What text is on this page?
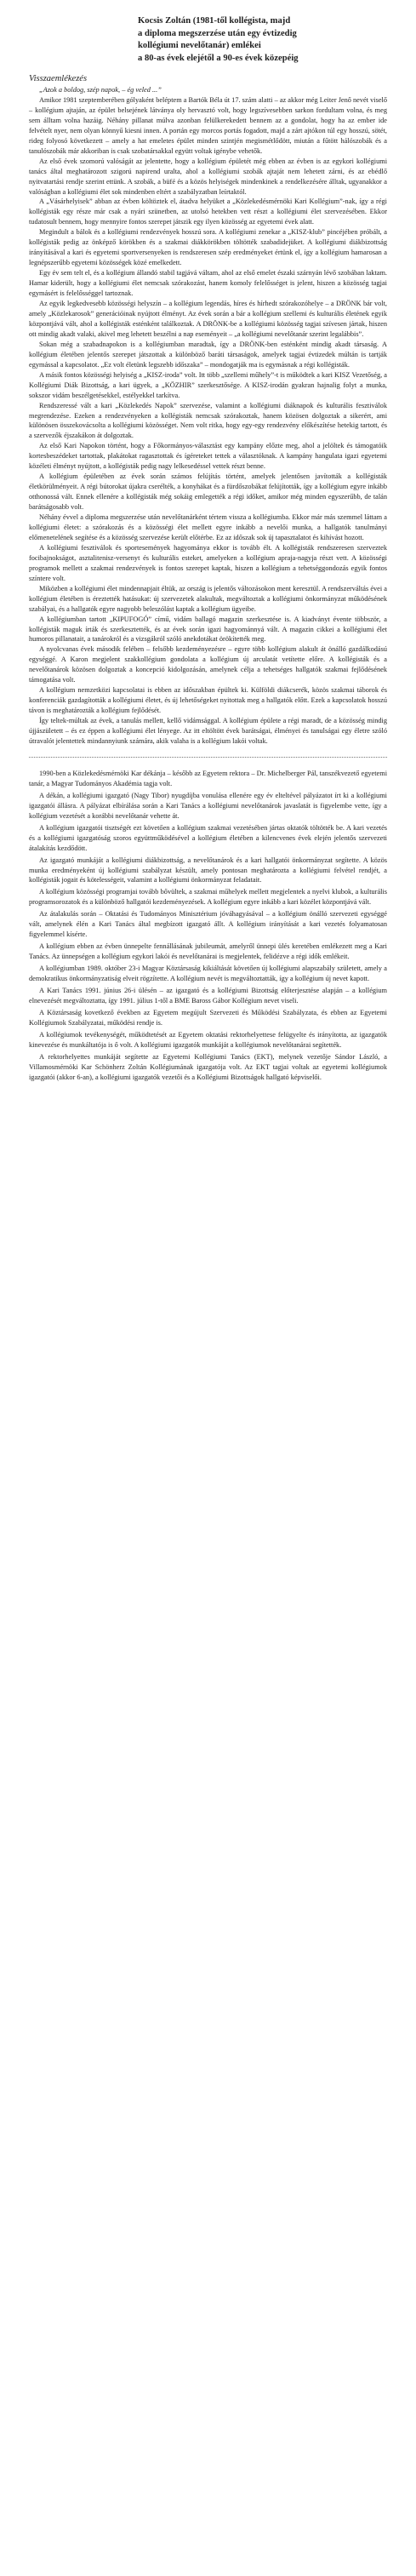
Kocsis Zoltán (1981-től kollégista, majd
a diploma megszerzése után egy évtizedig
kollégiumi nevelőtanár) emlékei
a 80-as évek elejétől a 90-es évek közepéig
Visszaemlékezés

„Azok a boldog, szép napok, – ég veled ...”

Amikor 1981 szeptemberében gólyaként beléptem a Bartók Béla út 17. szám alatti – az akkor még Leiter Jenő nevét viselő – kollégium ajtaján, az épület belsejének látványa oly hervasztó volt, hogy legszívesebben sarkon fordultam volna, és meg sem álltam volna hazáig. Néhány pillanat múlva azonban felülkerekedett bennem az a gondolat, hogy ha az ember ide felvételt nyer, nem olyan könnyű kiesni innen. A portán egy morcos portás fogadott, majd a zárt ajtókon túl egy hosszú, sötét, rideg folyosó következett – amely a hat emeletes épület minden szintjén megismétlődött, miután a fűtött hálószobák és a tanulószobák már akkoriban is csak szobatársakkal együtt voltak igénybe vehetők.

Az első évek szomorú valóságát az jelentette, hogy a kollégium épületét még ebben az évben is az egykori kollégiumi tanács által meghatározott szigorú napirend uralta, ahol a kollégiumi szobák ajtaját nem lehetett zárni, és az ebédlő nyitvatartási rendje szerint ettünk. A szobák, a büfé és a közös helyiségek mindenkinek a rendelkezésére álltak, ugyanakkor a valóságban a kollégiumi élet sok mindenben eltért a szabályzatban leírtaktól.

A „Vásárhelyisek” abban az évben költöztek el, átadva helyüket a „Közlekedésmérnöki Kari Kollégium”-nak, így a régi kollégisták egy része már csak a nyári szünetben, az utolsó hetekben vett részt a kollégiumi élet szervezésében. Ekkor tudatosult bennem, hogy mennyire fontos szerepet játszik egy ilyen közösség az egyetemi évek alatt.

Megindult a bálok és a kollégiumi rendezvények hosszú sora. A kollégiumi zenekar a „KISZ-klub” pincéjében próbált, a kollégisták pedig az önképző körökben és a szakmai diákkörökben töltötték szabadidejüket. A kollégiumi diákbizottság irányításával a kari és egyetemi sportversenyeken is rendszeresen szép eredményeket értünk el, így a kollégium hamarosan a legnépszerűbb egyetemi közösségek közé emelkedett.

Egy év sem telt el, és a kollégium állandó stabil tagjává váltam, ahol az első emelet északi szárnyán lévő szobában laktam. Hamar kiderült, hogy a kollégiumi élet nemcsak szórakozást, hanem komoly felelősséget is jelent, hiszen a közösség tagjai egymásért is felelősséggel tartoznak.

Az egyik legkedvesebb közösségi helyszín – a kollégium legendás, híres és hírhedt szórakozóhelye – a DRÖNK bár volt, amely „Közlekarosok” generációinak nyújtott élményt. Az évek során a bár a kollégium szellemi és kulturális életének egyik központjává vált, ahol a kollégisták esténként találkoztak. A DRÖNK-be a kollégiumi közösség tagjai szívesen jártak, hiszen ott mindig akadt valaki, akivel meg lehetett beszélni a nap eseményeit – „a kollégiumi nevelőtanár szerint legalábbis”.

Sokan még a szabadnapokon is a kollégiumban maradtak, így a DRÖNK-ben esténként mindig akadt társaság. A kollégium életében jelentős szerepet játszottak a különböző baráti társaságok, amelyek tagjai évtizedek múltán is tartják egymással a kapcsolatot. „Ez volt életünk legszebb időszaka” – mondogatják ma is egymásnak a régi kollégisták.

A másik fontos közösségi helyiség a „KISZ-iroda” volt. Itt több „szellemi műhely”-t is működtek a kari KISZ Vezetőség, a Kollégiumi Diák Bizottság, a kari ügyek, a „KÖZHIR” szerkesztősége. A KISZ-irodán gyakran hajnalig folyt a munka, sokszor vidám beszélgetésekkel, estélyekkel tarkítva.

Rendszeressé vált a kari „Közlekedés Napok” szervezése, valamint a kollégiumi diáknapok és kulturális fesztiválok megrendezése. Ezeken a rendezvényeken a kollégisták nemcsak szórakoztak, hanem közösen dolgoztak a sikerért, ami különösen összekovácsolta a kollégiumi közösséget. Nem volt ritka, hogy egy-egy rendezvény előkészítése hetekig tartott, és a szervezők éjszakákon át dolgoztak.

Az első Kari Napokon történt, hogy a Főkormányos-választást egy kampány előzte meg, ahol a jelöltek és támogatóik kortesbeszédeket tartottak, plakátokat ragasztottak és ígéreteket tettek a választóknak. A kampány hangulata igazi egyetemi közéleti élményt nyújtott, a kollégisták pedig nagy lelkesedéssel vettek részt benne.

A kollégium épületében az évek során számos felújítás történt, amelyek jelentősen javították a kollégisták életkörülményeit. A régi bútorokat újakra cserélték, a konyhákat és a fürdőszobákat felújították, így a kollégium egyre inkább otthonossá vált. Ennek ellenére a kollégisták még sokáig emlegették a régi időket, amikor még minden egyszerűbb, de talán barátságosabb volt.

Néhány évvel a diploma megszerzése után nevelőtanárként tértem vissza a kollégiumba. Ekkor már más szemmel láttam a kollégiumi életet: a szórakozás és a közösségi élet mellett egyre inkább a nevelői munka, a hallgatók tanulmányi előmenetelének segítése és a közösség szervezése került előtérbe. Ez az időszak sok új tapasztalatot és kihívást hozott.

A kollégiumi fesztiválok és sportesemények hagyománya ekkor is tovább élt. A kollégisták rendszeresen szerveztek focibajnokságot, asztalitenisz-versenyt és kulturális esteket, amelyeken a kollégium apraja-nagyja részt vett. A közösségi programok mellett a szakmai rendezvények is fontos szerepet kaptak, hiszen a kollégium a tehetséggondozás egyik fontos színtere volt.

Miközben a kollégiumi élet mindennapjait éltük, az ország is jelentős változásokon ment keresztül. A rendszerváltás évei a kollégium életében is éreztették hatásukat: új szervezetek alakultak, megváltoztak a kollégiumi önkormányzat működésének szabályai, és a hallgatók egyre nagyobb beleszólást kaptak a kollégium ügyeibe.

A kollégiumban tartott „KIPUFOGÓ” című, vidám ballagó magazin szerkesztése is. A kiadványt évente többször, a kollégisták maguk írták és szerkesztették, és az évek során igazi hagyománnyá vált. A magazin cikkei a kollégiumi élet humoros pillanatait, a tanárokról és a vizsgákról szóló anekdotákat örökítették meg.

A nyolcvanas évek második felében – felsőbb kezdeményezésre – egyre több kollégium alakult át önálló gazdálkodású egységgé. A Karon megjelent szakkollégium gondolata a kollégium új arculatát vetítette előre. A kollégisták és a nevelőtanárok közösen dolgoztak a koncepció kidolgozásán, amelynek célja a tehetséges hallgatók szakmai fejlődésének támogatása volt.

A kollégium nemzetközi kapcsolatai is ebben az időszakban épültek ki. Külföldi diákcserék, közös szakmai táborok és konferenciák gazdagították a kollégiumi életet, és új lehetőségeket nyitottak meg a hallgatók előtt. Ezek a kapcsolatok hosszú távon is meghatározták a kollégium fejlődését.

Így teltek-múltak az évek, a tanulás mellett, kellő vidámsággal. A kollégium épülete a régi maradt, de a közösség mindig újjászületett – és ez éppen a kollégiumi élet lényege. Az itt eltöltött évek barátságai, élményei és tanulságai egy életre szóló útravalót jelentettek mindannyiunk számára, akik valaha is a kollégium lakói voltak.

1990-ben a Közlekedésmérnöki Kar dékánja – később az Egyetem rektora – Dr. Michelberger Pál, tanszékvezető egyetemi tanár, a Magyar Tudományos Akadémia tagja volt.

A dékán, a kollégiumi igazgató (Nagy Tibor) nyugdíjba vonulása ellenére egy év elteltével pályázatot írt ki a kollégiumi igazgatói állásra. A pályázat elbírálása során a Kari Tanács a kollégiumi nevelőtanárok javaslatát is figyelembe vette, így a kollégium vezetését a korábbi nevelőtanár vehette át.

A kollégium igazgatói tisztségét ezt követően a kollégium szakmai vezetésében jártas oktatók töltötték be. A kari vezetés és a kollégiumi igazgatóság szoros együttműködésével a kollégium életében a kilencvenes évek elején jelentős szervezeti átalakítás kezdődött.

Az igazgató munkáját a kollégiumi diákbizottság, a nevelőtanárok és a kari hallgatói önkormányzat segítette. A közös munka eredményeként új kollégiumi szabályzat készült, amely pontosan meghatározta a kollégiumi felvétel rendjét, a kollégisták jogait és kötelességeit, valamint a kollégiumi önkormányzat feladatait.

A kollégium közösségi programjai tovább bővültek, a szakmai műhelyek mellett megjelentek a nyelvi klubok, a kulturális programsorozatok és a különböző hallgatói kezdeményezések. A kollégium egyre inkább a kari közélet központjává vált.

Az átalakulás során – Oktatási és Tudományos Minisztérium jóváhagyásával – a kollégium önálló szervezeti egységgé vált, amelynek élén a Kari Tanács által megbízott igazgató állt. A kollégium irányítását a kari vezetés folyamatosan figyelemmel kísérte.

A kollégium ebben az évben ünnepelte fennállásának jubileumát, amelyről ünnepi ülés keretében emlékezett meg a Kari Tanács. Az ünnepségen a kollégium egykori lakói és nevelőtanárai is megjelentek, felidézve a régi idők emlékeit.

A kollégiumban 1989. október 23-i Magyar Köztársaság kikiáltását követően új kollégiumi alapszabály született, amely a demokratikus önkormányzatiság elveit rögzítette. A kollégium nevét is megváltoztatták, így a kollégium új nevet kapott.

A Kari Tanács 1991. június 26-i ülésén – az igazgató és a kollégiumi Bizottság előterjesztése alapján – a kollégium elnevezését megváltoztatta, így 1991. július 1-től a BME Baross Gábor Kollégium nevet viseli.

A Köztársaság kovetkező években az Egyetem megújult Szervezeti és Működési Szabályzata, és ebben az Egyetemi Kollégiumok Szabályzatai, működési rendje is.

A kollégiumok tevékenységét, működtetését az Egyetem oktatási rektorhelyettese felügyelte és irányította, az igazgatók kinevezése és munkáltatója is ő volt. A kollégiumi igazgatók munkáját a kollégiumok nevelőtanárai segítették.

A rektorhelyettes munkáját segítette az Egyetemi Kollégiumi Tanács (EKT), melynek vezetője Sándor László, a Villamosmérnöki Kar Schönherz Zoltán Kollégiumának igazgatója volt. Az EKT tagjai voltak az egyetemi kollégiumok igazgatói (akkor 6-an), a kollégiumi igazgatók vezetői és a Kollégiumi Bizottságok hallgató képviselői.
